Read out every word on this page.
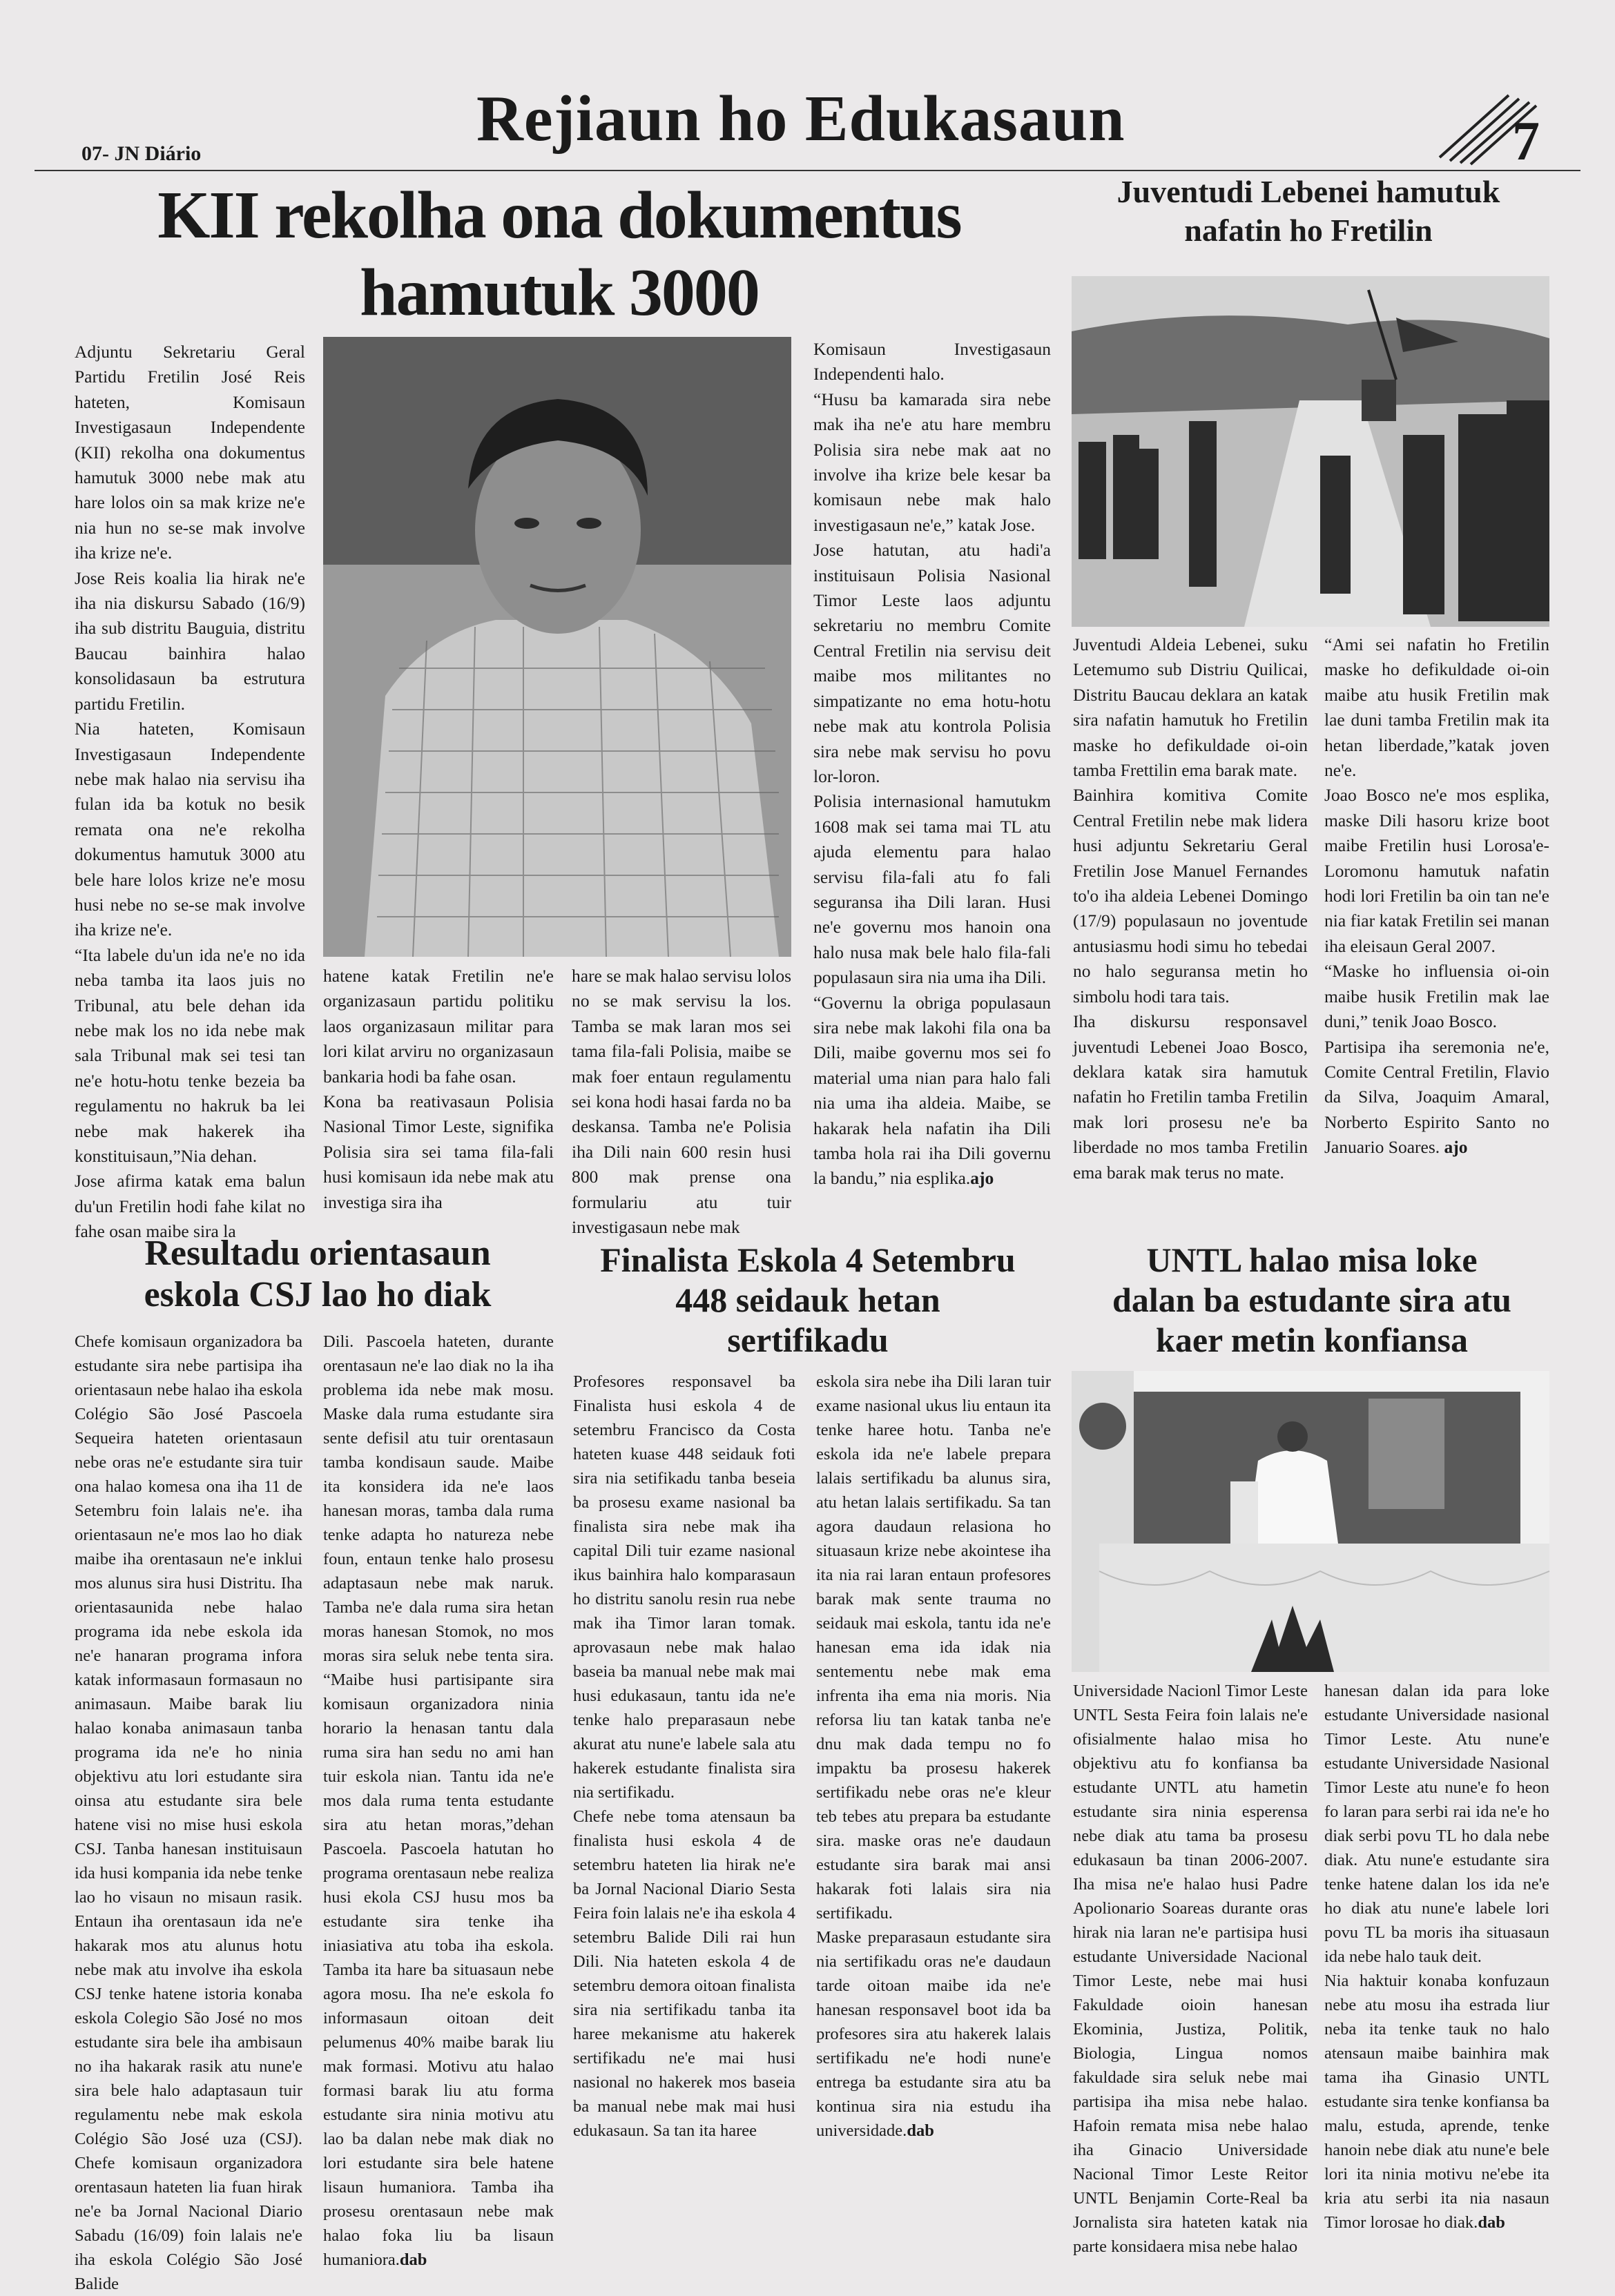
07- JN Diário	Rejiaun ho Edukasaun	7
KII rekolha ona dokumentus
hamutuk 3000

Adjuntu Sekretariu Geral Partidu Fretilin José Reis hateten, Komisaun Investigasaun Independente (KII) rekolha ona dokumentus hamutuk 3000 nebe mak atu hare lolos oin sa mak krize ne'e nia hun no se-se mak involve iha krize ne'e.

Jose Reis koalia lia hirak ne'e iha nia diskursu Sabado (16/9) iha sub distritu Bauguia, distritu Baucau bainhira halao konsolidasaun ba estrutura partidu Fretilin.

Nia hateten, Komisaun Investigasaun Independente nebe mak halao nia servisu iha fulan ida ba kotuk no besik remata ona ne'e rekolha dokumentus hamutuk 3000 atu bele hare lolos krize ne'e mosu husi nebe no se-se mak involve iha krize ne'e.

“Ita labele du'un ida ne'e no ida neba tamba ita laos juis no Tribunal, atu bele dehan ida nebe mak los no ida nebe mak sala Tribunal mak sei tesi tan ne'e hotu-hotu tenke bezeia ba regulamentu no hakruk ba lei nebe mak hakerek iha konstituisaun,”Nia dehan.

Jose afirma katak ema balun du'un Fretilin hodi fahe kilat no fahe osan maibe sira la

hatene katak Fretilin ne'e organizasaun partidu politiku laos organizasaun militar para lori kilat arviru no organizasaun bankaria hodi ba fahe osan.

Kona ba reativasaun Polisia Nasional Timor Leste, signifika Polisia sira sei tama fila-fali husi komisaun ida nebe mak atu investiga sira iha

hare se mak halao servisu lolos no se mak servisu la los. Tamba se mak laran mos sei tama fila-fali Polisia, maibe se mak foer entaun regulamentu sei kona hodi hasai farda no ba deskansa. Tamba ne'e Polisia iha Dili nain 600 resin husi 800 mak prense ona formulariu atu tuir investigasaun nebe mak

Komisaun Investigasaun Independenti halo.

“Husu ba kamarada sira nebe mak iha ne'e atu hare membru Polisia sira nebe mak aat no involve iha krize bele kesar ba komisaun nebe mak halo investigasaun ne'e,” katak Jose.

Jose hatutan, atu hadi'a instituisaun Polisia Nasional Timor Leste laos adjuntu sekretariu no membru Comite Central Fretilin nia servisu deit maibe mos militantes no simpatizante no ema hotu-hotu nebe mak atu kontrola Polisia sira nebe mak servisu ho povu lor-loron.

Polisia internasional hamutukm 1608 mak sei tama mai TL atu ajuda elementu para halao servisu fila-fali atu fo fali seguransa iha Dili laran. Husi ne'e governu mos hanoin ona halo nusa mak bele halo fila-fali populasaun sira nia uma iha Dili.

“Governu la obriga populasaun sira nebe mak lakohi fila ona ba Dili, maibe governu mos sei fo material uma nian para halo fali nia uma iha aldeia. Maibe, se hakarak hela nafatin iha Dili tamba hola rai iha Dili governu la bandu,” nia esplika.ajo

Juventudi Lebenei hamutuk nafatin ho Fretilin

Juventudi Aldeia Lebenei, suku Letemumo sub Distriu Quilicai, Distritu Baucau deklara an katak sira nafatin hamutuk ho Fretilin maske ho defikuldade oi-oin tamba Frettilin ema barak mate.

Bainhira komitiva Comite Central Fretilin nebe mak lidera husi adjuntu Sekretariu Geral Fretilin Jose Manuel Fernandes to'o iha aldeia Lebenei Domingo (17/9) populasaun no joventude antusiasmu hodi simu ho tebedai no halo seguransa metin ho simbolu hodi tara tais.

Iha diskursu responsavel juventudi Lebenei Joao Bosco, deklara katak sira hamutuk nafatin ho Fretilin tamba Fretilin mak lori prosesu ne'e ba liberdade no mos tamba Fretilin ema barak mak terus no mate.

“Ami sei nafatin ho Fretilin maske ho defikuldade oi-oin maibe atu husik Fretilin mak lae duni tamba Fretilin mak ita hetan liberdade,”katak joven ne'e.

Joao Bosco ne'e mos esplika, maske Dili hasoru krize boot maibe Fretilin husi Lorosa'e-Loromonu hamutuk nafatin hodi lori Fretilin ba oin tan ne'e nia fiar katak Fretilin sei manan iha eleisaun Geral 2007.

“Maske ho influensia oi-oin maibe husik Fretilin mak lae duni,” tenik Joao Bosco.

Partisipa iha seremonia ne'e, Comite Central Fretilin, Flavio da Silva, Joaquim Amaral, Norberto Espirito Santo no Januario Soares. ajo

Resultadu orientasaun
eskola CSJ lao ho diak

Chefe komisaun organizadora ba estudante sira nebe partisipa iha orientasaun nebe halao iha eskola Colégio São José Pascoela Sequeira hateten orientasaun nebe oras ne'e estudante sira tuir ona halao komesa ona iha 11 de Setembru foin lalais ne'e. iha orientasaun ne'e mos lao ho diak maibe iha orentasaun ne'e inklui mos alunus sira husi Distritu. Iha orientasaunida nebe halao programa ida nebe eskola ida ne'e hanaran programa infora katak informasaun formasaun no animasaun. Maibe barak liu halao konaba animasaun tanba programa ida ne'e ho ninia objektivu atu lori estudante sira oinsa atu estudante sira bele hatene visi no mise husi eskola CSJ. Tanba hanesan instituisaun ida husi kompania ida nebe tenke lao ho visaun no misaun rasik. Entaun iha orentasaun ida ne'e hakarak mos atu alunus hotu nebe mak atu involve iha eskola CSJ tenke hatene istoria konaba eskola Colegio São José no mos estudante sira bele iha ambisaun no iha hakarak rasik atu nune'e sira bele halo adaptasaun tuir regulamentu nebe mak eskola Colégio São José uza (CSJ). Chefe komisaun organizadora orentasaun hateten lia fuan hirak ne'e ba Jornal Nacional Diario Sabadu (16/09) foin lalais ne'e iha eskola Colégio São José Balide

Dili. Pascoela hateten, durante orentasaun ne'e lao diak no la iha problema ida nebe mak mosu. Maske dala ruma estudante sira sente defisil atu tuir orentasaun tamba kondisaun saude. Maibe ita konsidera ida ne'e laos hanesan moras, tamba dala ruma tenke adapta ho natureza nebe foun, entaun tenke halo prosesu adaptasaun nebe mak naruk. Tamba ne'e dala ruma sira hetan moras hanesan Stomok, no mos moras sira seluk nebe tenta sira. “Maibe husi partisipante sira komisaun organizadora ninia horario la henasan tantu dala ruma sira han sedu no ami han tuir eskola nian. Tantu ida ne'e mos dala ruma tenta estudante sira atu hetan moras,”dehan Pascoela. Pascoela hatutan ho programa orentasaun nebe realiza husi ekola CSJ husu mos ba estudante sira tenke iha iniasiativa atu toba iha eskola. Tamba ita hare ba situasaun nebe agora mosu. Iha ne'e eskola fo informasaun oitoan deit pelumenus 40% maibe barak liu mak formasi. Motivu atu halao formasi barak liu atu forma estudante sira ninia motivu atu lao ba dalan nebe mak diak no lori estudante sira bele hatene lisaun humaniora. Tamba iha prosesu orentasaun nebe mak halao foka liu ba lisaun humaniora.dab

Finalista Eskola 4 Setembru
448 seidauk hetan
sertifikadu

Profesores responsavel ba Finalista husi eskola 4 de setembru Francisco da Costa hateten kuase 448 seidauk foti sira nia setifikadu tanba beseia ba prosesu exame nasional ba finalista sira nebe mak iha capital Dili tuir ezame nasional ikus bainhira halo komparasaun ho distritu sanolu resin rua nebe mak iha Timor laran tomak. aprovasaun nebe mak halao baseia ba manual nebe mak mai husi edukasaun, tantu ida ne'e tenke halo preparasaun nebe akurat atu nune'e labele sala atu hakerek estudante finalista sira nia sertifikadu.

Chefe nebe toma atensaun ba finalista husi eskola 4 de setembru hateten lia hirak ne'e ba Jornal Nacional Diario Sesta Feira foin lalais ne'e iha eskola 4 setembru Balide Dili rai hun Dili. Nia hateten eskola 4 de setembru demora oitoan finalista sira nia sertifikadu tanba ita haree mekanisme atu hakerek sertifikadu ne'e mai husi nasional no hakerek mos baseia ba manual nebe mak mai husi edukasaun. Sa tan ita haree

eskola sira nebe iha Dili laran tuir exame nasional ukus liu entaun ita tenke haree hotu. Tanba ne'e eskola ida ne'e labele prepara lalais sertifikadu ba alunus sira, atu hetan lalais sertifikadu. Sa tan agora daudaun relasiona ho situasaun krize nebe akointese iha ita nia rai laran entaun profesores barak mak sente trauma no seidauk mai eskola, tantu ida ne'e hanesan ema ida idak nia sentementu nebe mak ema infrenta iha ema nia moris. Nia reforsa liu tan katak tanba ne'e dnu mak dada tempu no fo impaktu ba prosesu hakerek sertifikadu nebe oras ne'e kleur teb tebes atu prepara ba estudante sira. maske oras ne'e daudaun estudante sira barak mai ansi hakarak foti lalais sira nia sertifikadu.

Maske preparasaun estudante sira nia sertifikadu oras ne'e daudaun tarde oitoan maibe ida ne'e hanesan responsavel boot ida ba profesores sira atu hakerek lalais sertifikadu ne'e hodi nune'e entrega ba estudante sira atu ba kontinua sira nia estudu iha universidade.dab

UNTL halao misa loke
dalan ba estudante sira atu
kaer metin konfiansa

Universidade Nacionl Timor Leste UNTL Sesta Feira foin lalais ne'e ofisialmente halao misa ho objektivu atu fo konfiansa ba estudante UNTL atu hametin estudante sira ninia esperensa nebe diak atu tama ba prosesu edukasaun ba tinan 2006-2007. Iha misa ne'e halao husi Padre Apolionario Soareas durante oras hirak nia laran ne'e partisipa husi estudante Universidade Nacional Timor Leste, nebe mai husi Fakuldade oioin hanesan Ekominia, Justiza, Politik, Biologia, Lingua nomos fakuldade sira seluk nebe mai partisipa iha misa nebe halao. Hafoin remata misa nebe halao iha Ginacio Universidade Nacional Timor Leste Reitor UNTL Benjamin Corte-Real ba Jornalista sira hateten katak nia parte konsidaera misa nebe halao

hanesan dalan ida para loke estudante Universidade nasional Timor Leste. Atu nune'e estudante Universidade Nasional Timor Leste atu nune'e fo heon fo laran para serbi rai ida ne'e ho diak serbi povu TL ho dala nebe diak. Atu nune'e estudante sira tenke hatene dalan los ida ne'e ho diak atu nune'e labele lori povu TL ba moris iha situasaun ida nebe halo tauk deit.

Nia haktuir konaba konfuzaun nebe atu mosu iha estrada liur neba ita tenke tauk no halo atensaun maibe bainhira mak tama iha Ginasio UNTL estudante sira tenke konfiansa ba malu, estuda, aprende, tenke hanoin nebe diak atu nune'e bele lori ita ninia motivu ne'ebe ita kria atu serbi ita nia nasaun Timor lorosae ho diak.dab
